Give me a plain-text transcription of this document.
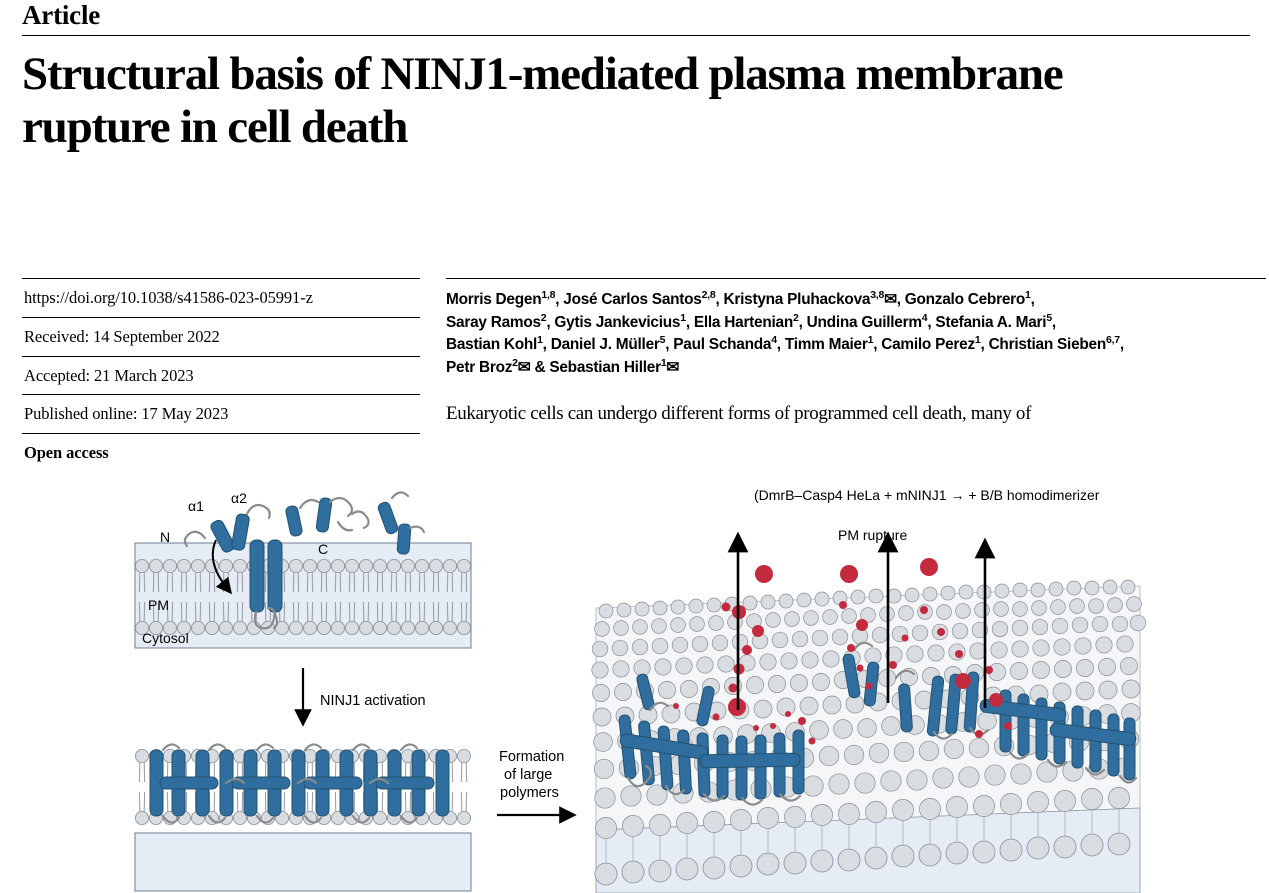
Article
Structural basis of NINJ1-mediated plasma membrane rupture in cell death
https://doi.org/10.1038/s41586-023-05991-z
Received: 14 September 2022
Accepted: 21 March 2023
Published online: 17 May 2023
Open access
Morris Degen$^{1,8}$, José Carlos Santos$^{2,8}$, Kristyna Pluhackova$^{3,8}$✉, Gonzalo Cebrero$^1$,
Saray Ramos$^2$, Gytis Jankevicius$^1$, Ella Hartenian$^2$, Undina Guillerm$^4$, Stefania A. Mari$^5$,
Bastian Kohl$^1$, Daniel J. Müller$^5$, Paul Schanda$^4$, Timm Maier$^1$, Camilo Perez$^1$, Christian Sieben$^{6,7}$,
Petr Broz$^2$✉ & Sebastian Hiller$^1$✉
Eukaryotic cells can undergo different forms of programmed cell death, many of
α1 α2
N
C
PM
Cytosol
NINJ1 activation
Formation
of large
polymers
PM rupture
(DmrB–Casp4 HeLa + mNINJ1 → + B/B homodimerizer
